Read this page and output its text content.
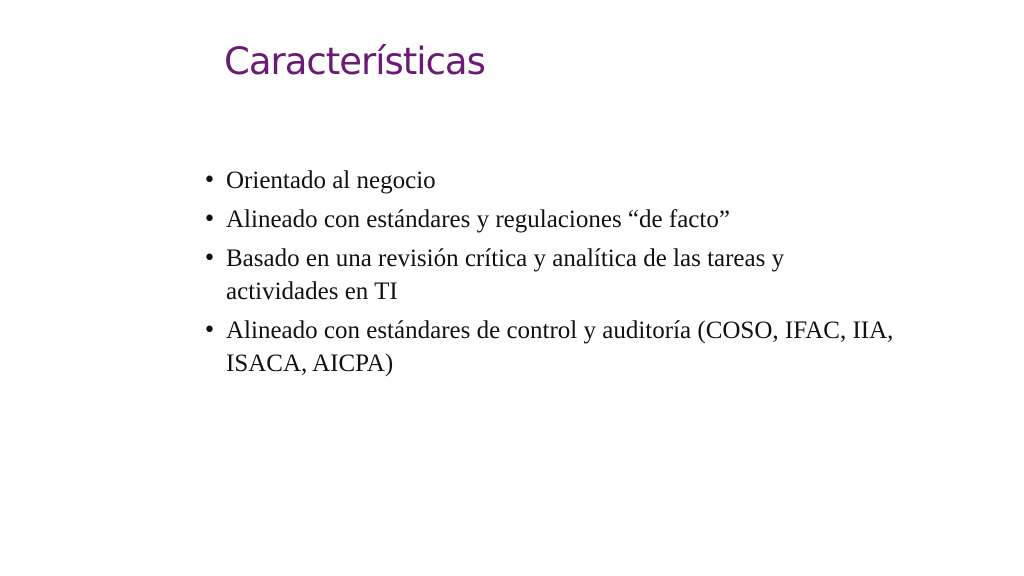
Características
• Orientado al negocio
• Alineado con estándares y regulaciones “de facto”
• Basado en una revisión crítica y analítica de las tareas y actividades en TI
• Alineado con estándares de control y auditoría (COSO, IFAC, IIA, ISACA, AICPA)
